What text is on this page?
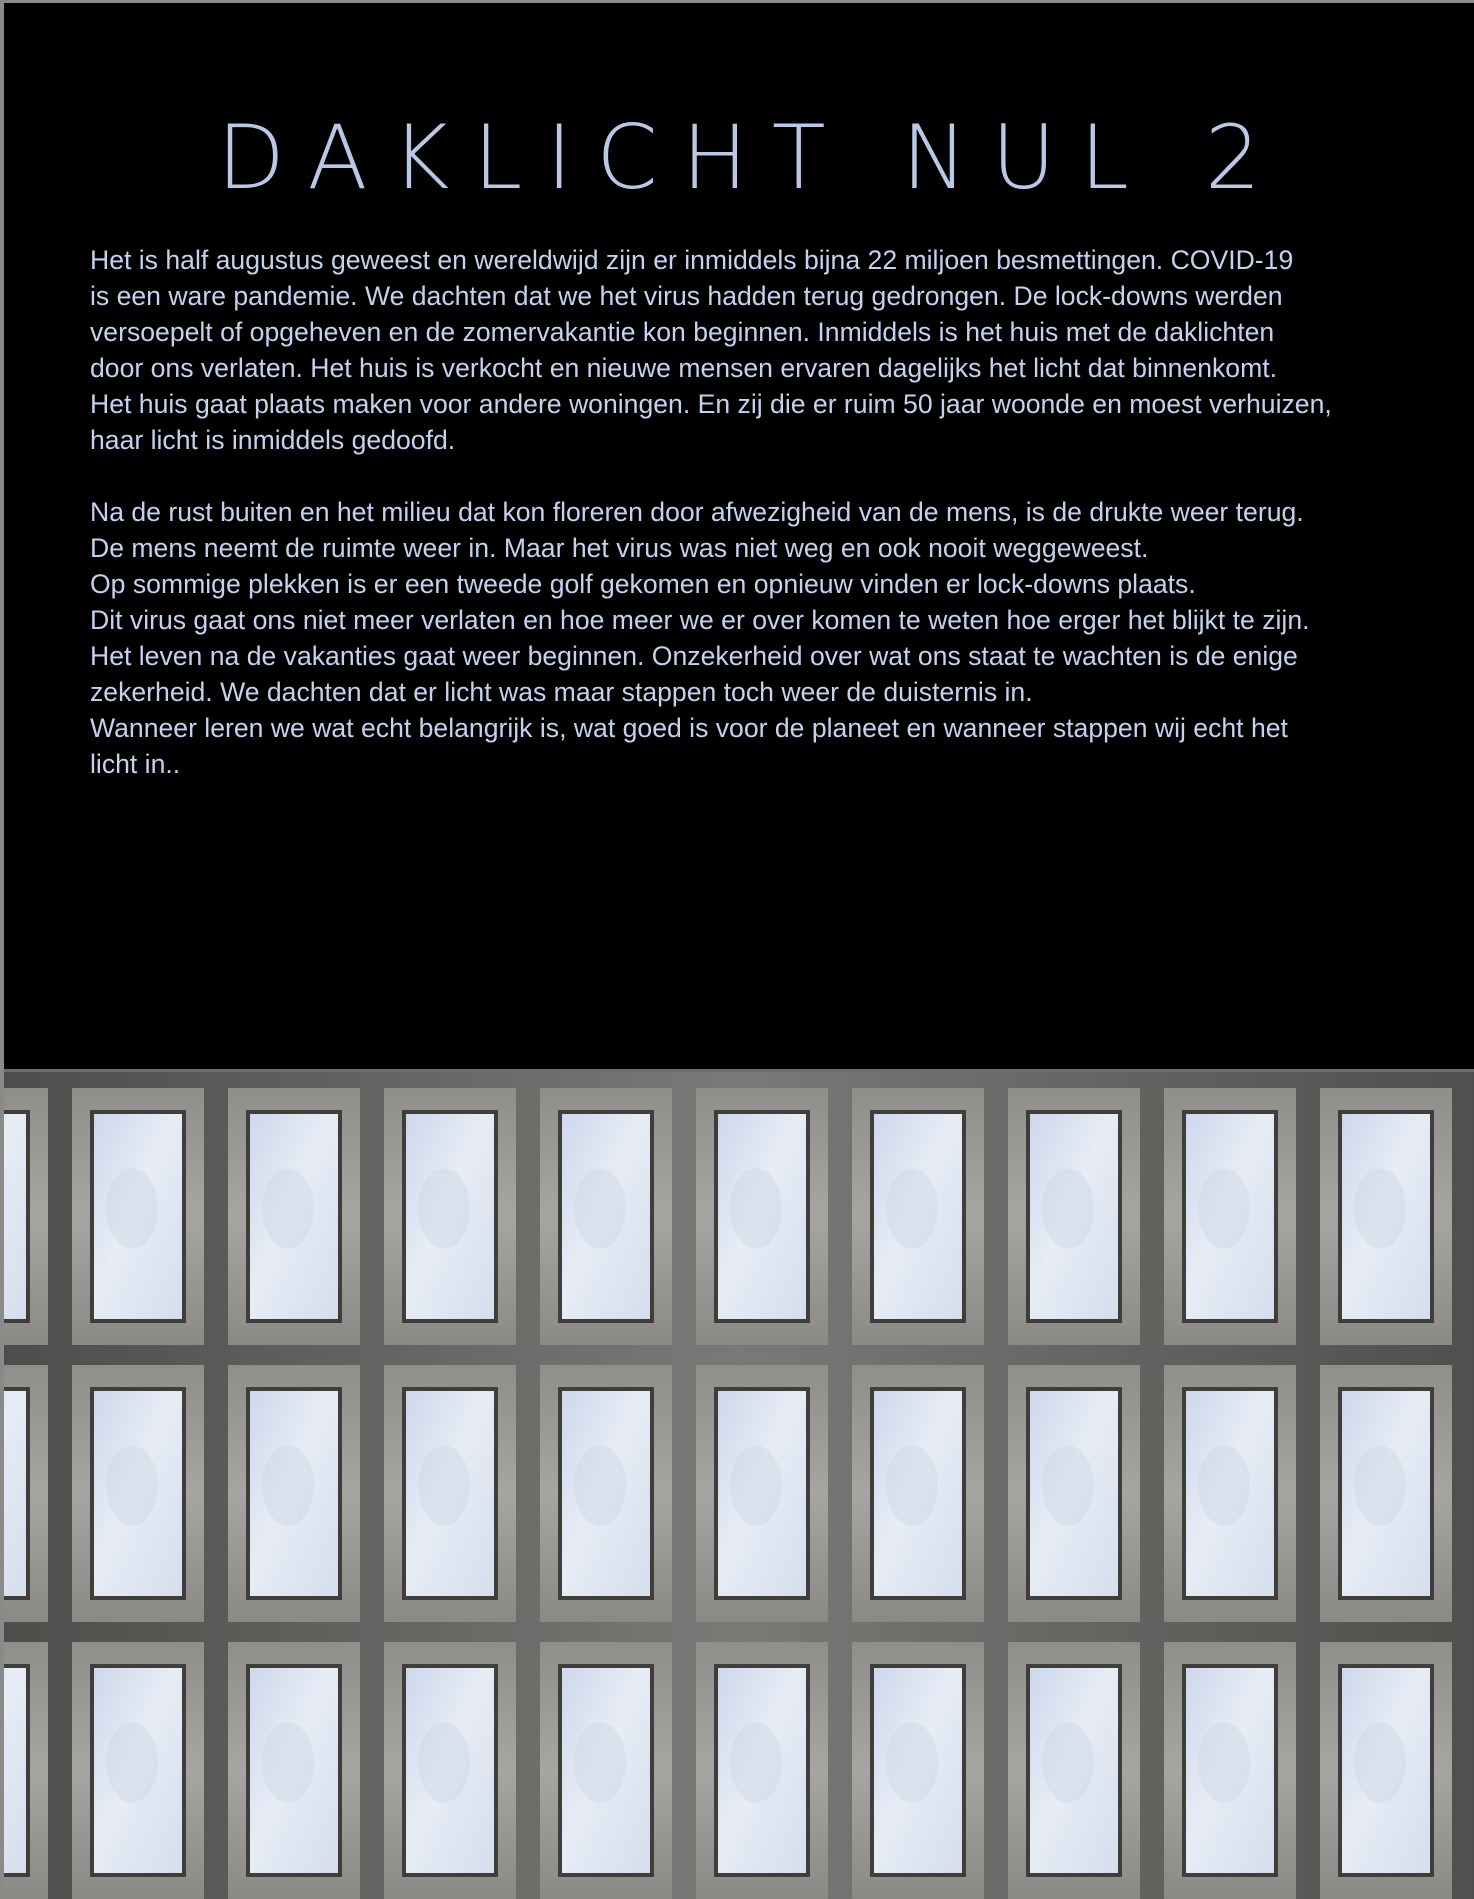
DAKLICHT NUL 2

Het is half augustus geweest en wereldwijd zijn er inmiddels bijna 22 miljoen besmettingen. COVID-19
is een ware pandemie. We dachten dat we het virus hadden terug gedrongen. De lock-downs werden
versoepelt of opgeheven en de zomervakantie kon beginnen. Inmiddels is het huis met de daklichten
door ons verlaten. Het huis is verkocht en nieuwe mensen ervaren dagelijks het licht dat binnenkomt.
Het huis gaat plaats maken voor andere woningen. En zij die er ruim 50 jaar woonde en moest verhuizen,
haar licht is inmiddels gedoofd.

Na de rust buiten en het milieu dat kon floreren door afwezigheid van de mens, is de drukte weer terug.
De mens neemt de ruimte weer in. Maar het virus was niet weg en ook nooit weggeweest.
Op sommige plekken is er een tweede golf gekomen en opnieuw vinden er lock-downs plaats.
Dit virus gaat ons niet meer verlaten en hoe meer we er over komen te weten hoe erger het blijkt te zijn.
Het leven na de vakanties gaat weer beginnen. Onzekerheid over wat ons staat te wachten is de enige
zekerheid. We dachten dat er licht was maar stappen toch weer de duisternis in.
Wanneer leren we wat echt belangrijk is, wat goed is voor de planeet en wanneer stappen wij echt het
licht in..
